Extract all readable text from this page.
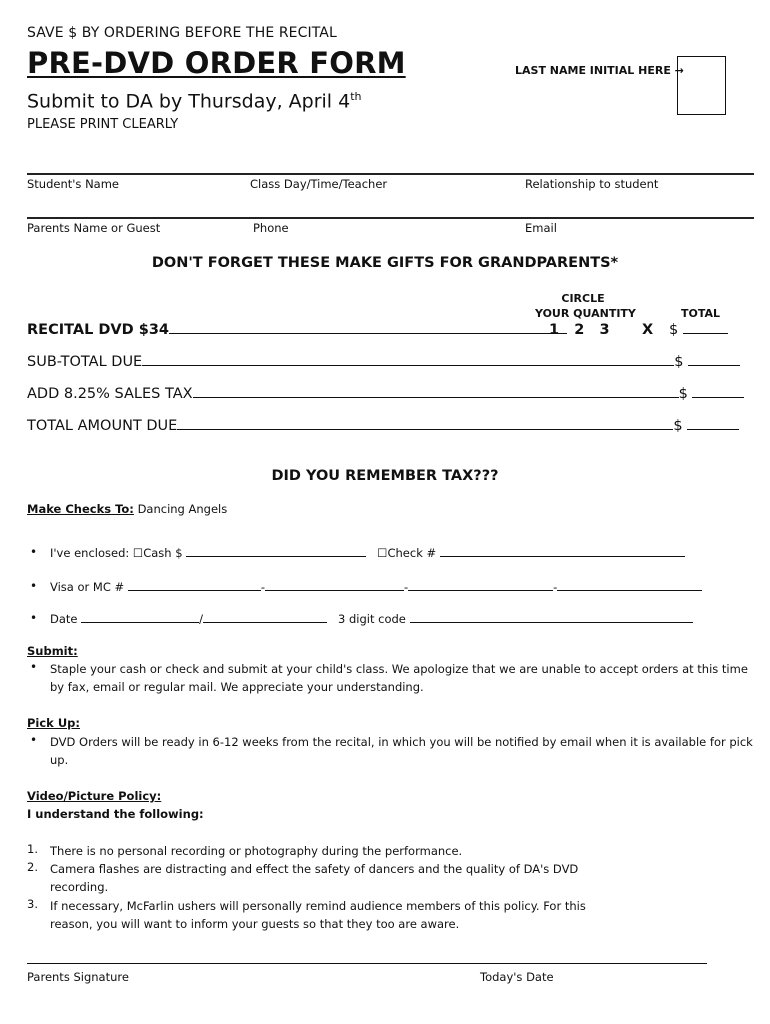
SAVE $ BY ORDERING BEFORE THE RECITAL
PRE-DVD ORDER FORM
Submit to DA by Thursday, April 4th
PLEASE PRINT CLEARLY
LAST NAME INITIAL HERE →
Student's Name	Class Day/Time/Teacher	Relationship to student
Parents Name or Guest	Phone	Email
DON'T FORGET THESE MAKE GIFTS FOR GRANDPARENTS*
CIRCLE
YOUR QUANTITY	TOTAL
RECITAL DVD $34	1   2   3 X $
SUB-TOTAL DUE	$
ADD 8.25% SALES TAX	$
TOTAL AMOUNT DUE	$
DID YOU REMEMBER TAX???
Make Checks To: Dancing Angels
• I've enclosed: ☐Cash $	☐Check #
• Visa or MC #	-	-	-
• Date	/	3 digit code
Submit:
• Staple your cash or check and submit at your child's class. We apologize that we are unable to accept orders at this time by fax, email or regular mail. We appreciate your understanding.
Pick Up:
• DVD Orders will be ready in 6-12 weeks from the recital, in which you will be notified by email when it is available for pick up.
Video/Picture Policy:
I understand the following:
1. There is no personal recording or photography during the performance.
2. Camera flashes are distracting and effect the safety of dancers and the quality of DA's DVD recording.
3. If necessary, McFarlin ushers will personally remind audience members of this policy. For this reason, you will want to inform your guests so that they too are aware.
Parents Signature	Today's Date
